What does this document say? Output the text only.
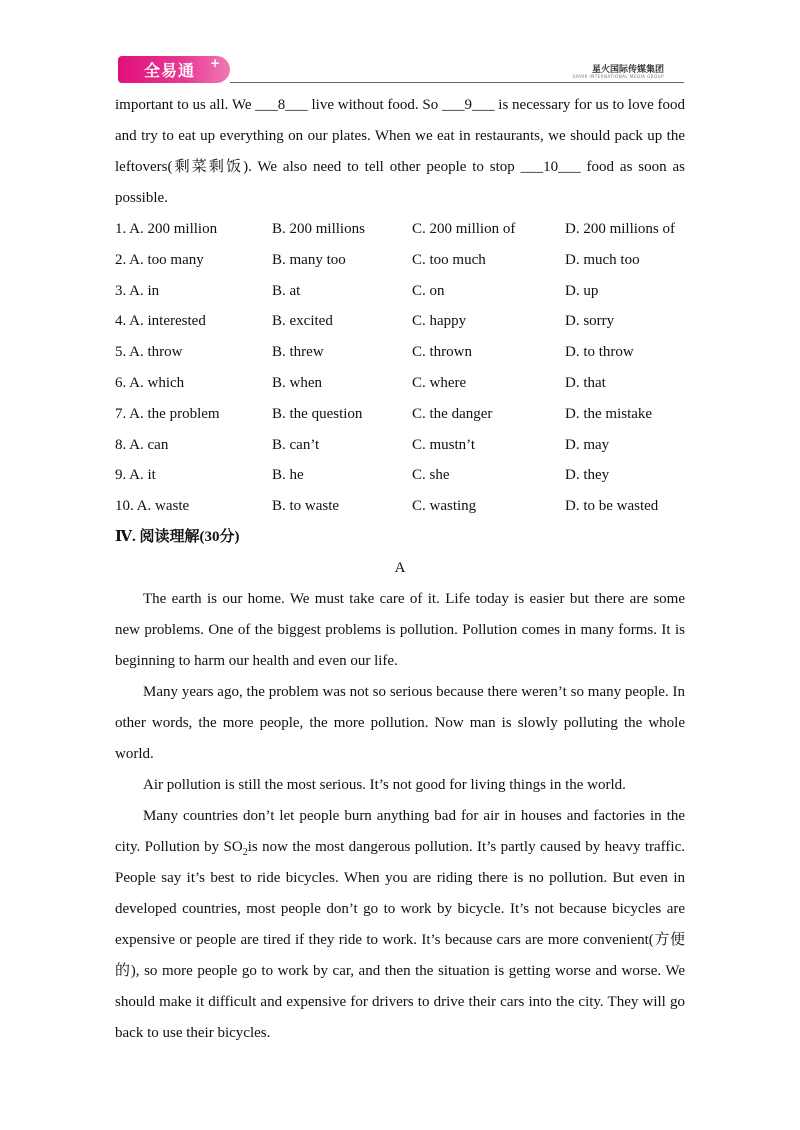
全易通 +	星火国际传媒集团
SPARK INTERNATIONAL MEDIA GROUP

important to us all. We ___8___ live without food. So ___9___ is necessary for us to love food and try to eat up everything on our plates. When we eat in restaurants, we should pack up the leftovers(剩菜剩饭). We also need to tell other people to stop ___10___ food as soon as possible.

1. A. 200 million	B. 200 millions	C. 200 million of	D. 200 millions of
2. A. too many	B. many too	C. too much	D. much too
3. A. in	B. at	C. on	D. up
4. A. interested	B. excited	C. happy	D. sorry
5. A. throw	B. threw	C. thrown	D. to throw
6. A. which	B. when	C. where	D. that
7. A. the problem	B. the question	C. the danger	D. the mistake
8. A. can	B. can’t	C. mustn’t	D. may
9. A. it	B. he	C. she	D. they
10. A. waste	B. to waste	C. wasting	D. to be wasted

Ⅳ. 阅读理解(30分)

A

The earth is our home. We must take care of it. Life today is easier but there are some new problems. One of the biggest problems is pollution. Pollution comes in many forms. It is beginning to harm our health and even our life.

Many years ago, the problem was not so serious because there weren’t so many people. In other words, the more people, the more pollution. Now man is slowly polluting the whole world.

Air pollution is still the most serious. It’s not good for living things in the world.

Many countries don’t let people burn anything bad for air in houses and factories in the city. Pollution by $SO_2is$ now the most dangerous pollution. It’s partly caused by heavy traffic. People say it’s best to ride bicycles. When you are riding there is no pollution. But even in developed countries, most people don’t go to work by bicycle. It’s not because bicycles are expensive or people are tired if they ride to work. It’s because cars are more convenient(方便的), so more people go to work by car, and then the situation is getting worse and worse. We should make it difficult and expensive for drivers to drive their cars into the city. They will go back to use their bicycles.
